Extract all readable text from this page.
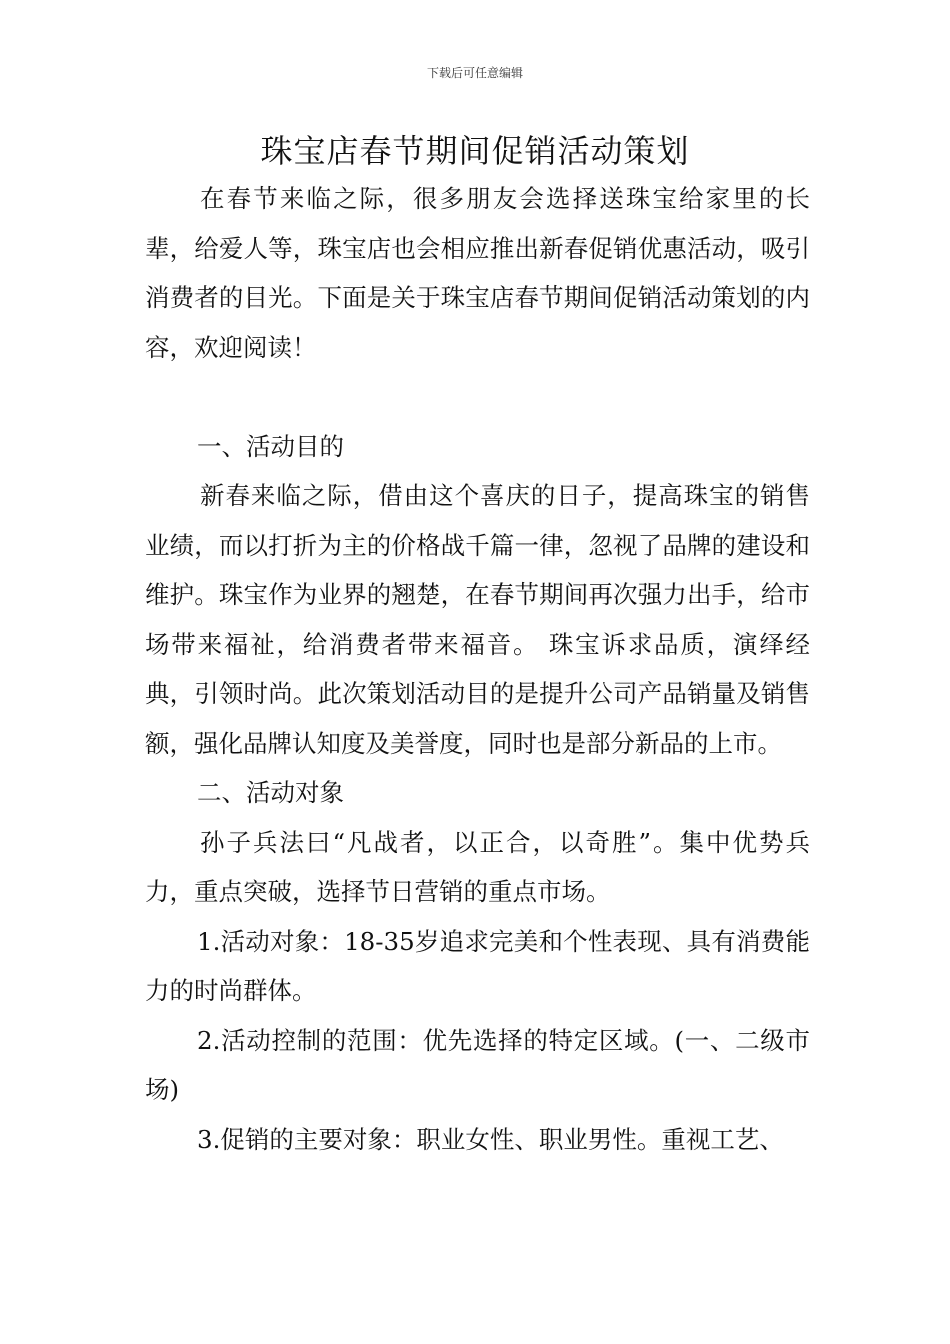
下载后可任意编辑
珠宝店春节期间促销活动策划

在春节来临之际，很多朋友会选择送珠宝给家里的长辈，给爱人等，珠宝店也会相应推出新春促销优惠活动，吸引消费者的目光。下面是关于珠宝店春节期间促销活动策划的内容，欢迎阅读！

一、活动目的

新春来临之际，借由这个喜庆的日子，提高珠宝的销售业绩，而以打折为主的价格战千篇一律，忽视了品牌的建设和维护。珠宝作为业界的翘楚，在春节期间再次强力出手，给市场带来福祉，给消费者带来福音。 珠宝诉求品质，演绎经典，引领时尚。此次策划活动目的是提升公司产品销量及销售额，强化品牌认知度及美誉度，同时也是部分新品的上市。

二、活动对象

孙子兵法曰“凡战者，以正合，以奇胜”。集中优势兵力，重点突破，选择节日营销的重点市场。

1.活动对象：18-35岁追求完美和个性表现、具有消费能力的时尚群体。

2.活动控制的范围：优先选择的特定区域。(一、二级市场)

3.促销的主要对象：职业女性、职业男性。重视工艺、
